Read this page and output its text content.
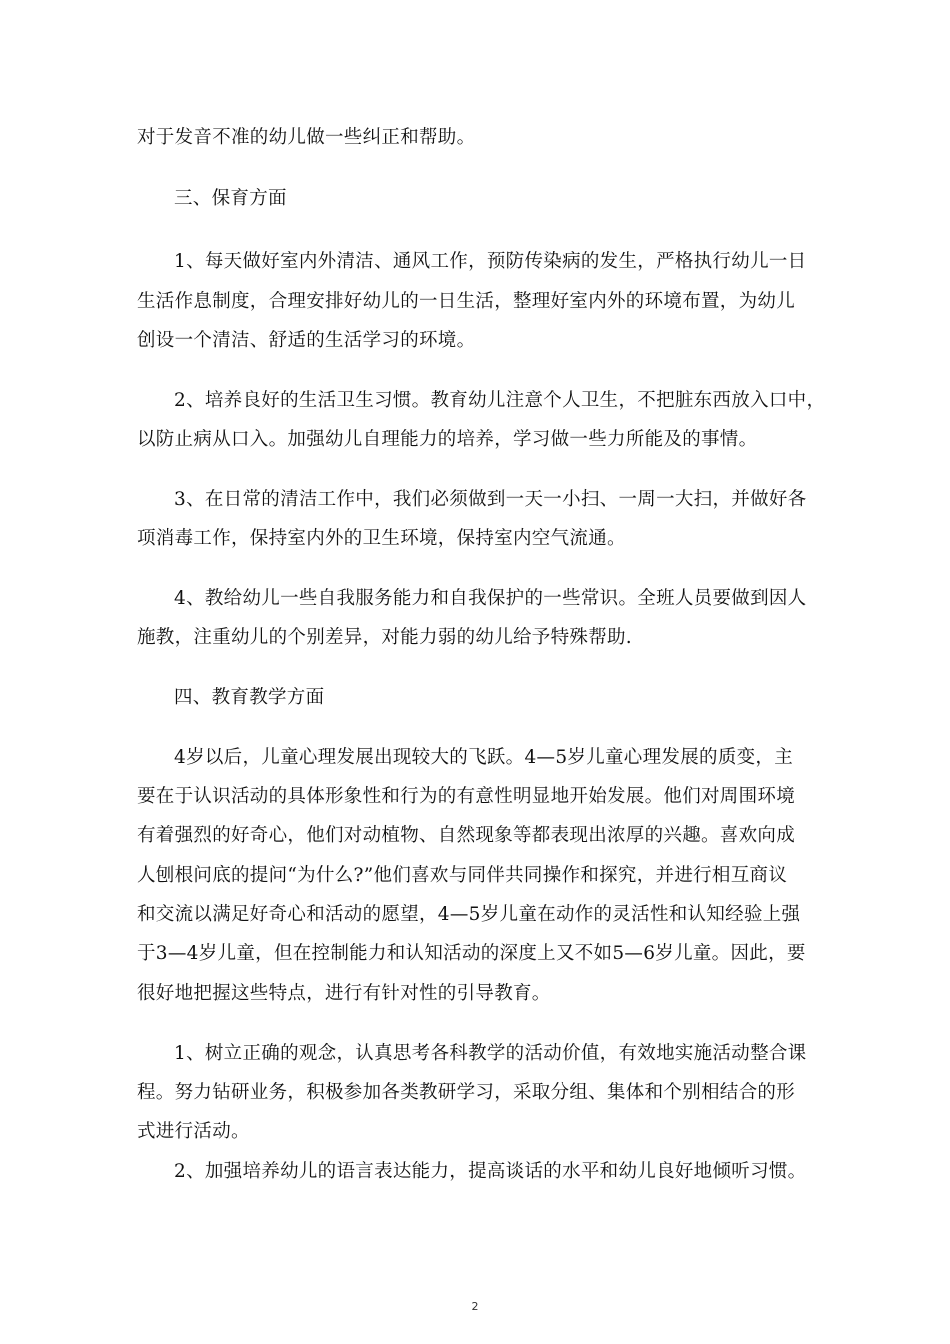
对于发音不准的幼儿做一些纠正和帮助。
三、保育方面
1、每天做好室内外清洁、通风工作，预防传染病的发生，严格执行幼儿一日
生活作息制度，合理安排好幼儿的一日生活，整理好室内外的环境布置，为幼儿
创设一个清洁、舒适的生活学习的环境。
2、培养良好的生活卫生习惯。教育幼儿注意个人卫生，不把脏东西放入口中，
以防止病从口入。加强幼儿自理能力的培养，学习做一些力所能及的事情。
3、在日常的清洁工作中，我们必须做到一天一小扫、一周一大扫，并做好各
项消毒工作，保持室内外的卫生环境，保持室内空气流通。
4、教给幼儿一些自我服务能力和自我保护的一些常识。全班人员要做到因人
施教，注重幼儿的个别差异，对能力弱的幼儿给予特殊帮助.
四、教育教学方面
4岁以后，儿童心理发展出现较大的飞跃。4—5岁儿童心理发展的质变，主
要在于认识活动的具体形象性和行为的有意性明显地开始发展。他们对周围环境
有着强烈的好奇心，他们对动植物、自然现象等都表现出浓厚的兴趣。喜欢向成
人刨根问底的提问“为什么?”他们喜欢与同伴共同操作和探究，并进行相互商议
和交流以满足好奇心和活动的愿望，4—5岁儿童在动作的灵活性和认知经验上强
于3—4岁儿童，但在控制能力和认知活动的深度上又不如5—6岁儿童。因此，要
很好地把握这些特点，进行有针对性的引导教育。
1、树立正确的观念，认真思考各科教学的活动价值，有效地实施活动整合课
程。努力钻研业务，积极参加各类教研学习，采取分组、集体和个别相结合的形
式进行活动。
2、加强培养幼儿的语言表达能力，提高谈话的水平和幼儿良好地倾听习惯。
2
